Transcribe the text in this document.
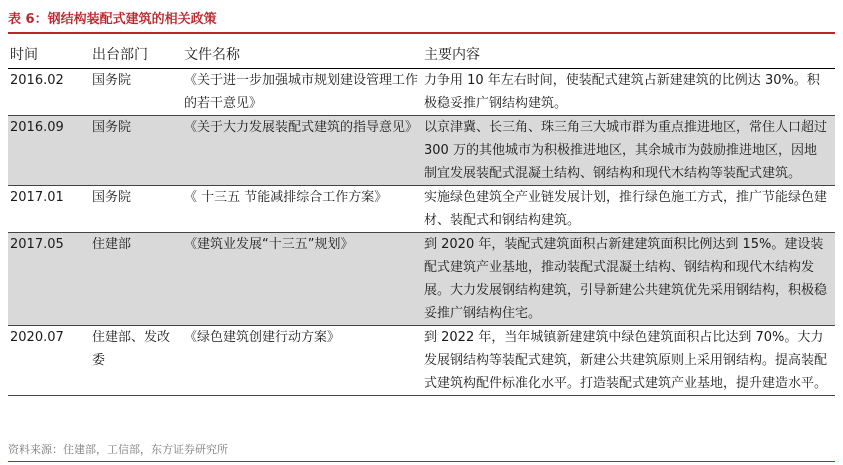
表 6：钢结构装配式建筑的相关政策
时间	出台部门	文件名称	主要内容
2016.02	国务院	《关于进一步加强城市规划建设管理工作的若干意见》	力争用 10 年左右时间，使装配式建筑占新建建筑的比例达 30%。积极稳妥推广钢结构建筑。
2016.09	国务院	《关于大力发展装配式建筑的指导意见》	以京津冀、长三角、珠三角三大城市群为重点推进地区，常住人口超过 300 万的其他城市为积极推进地区，其余城市为鼓励推进地区，因地制宜发展装配式混凝土结构、钢结构和现代木结构等装配式建筑。
2017.01	国务院	《 十三五 节能减排综合工作方案》	实施绿色建筑全产业链发展计划，推行绿色施工方式，推广节能绿色建材、装配式和钢结构建筑。
2017.05	住建部	《建筑业发展“十三五”规划》	到 2020 年，装配式建筑面积占新建建筑面积比例达到 15%。建设装配式建筑产业基地，推动装配式混凝土结构、钢结构和现代木结构发展。大力发展钢结构建筑，引导新建公共建筑优先采用钢结构，积极稳妥推广钢结构住宅。
2020.07	住建部、发改委	《绿色建筑创建行动方案》	到 2022 年，当年城镇新建建筑中绿色建筑面积占比达到 70%。大力发展钢结构等装配式建筑，新建公共建筑原则上采用钢结构。提高装配式建筑构配件标准化水平。打造装配式建筑产业基地，提升建造水平。
资料来源：住建部，工信部，东方证券研究所
